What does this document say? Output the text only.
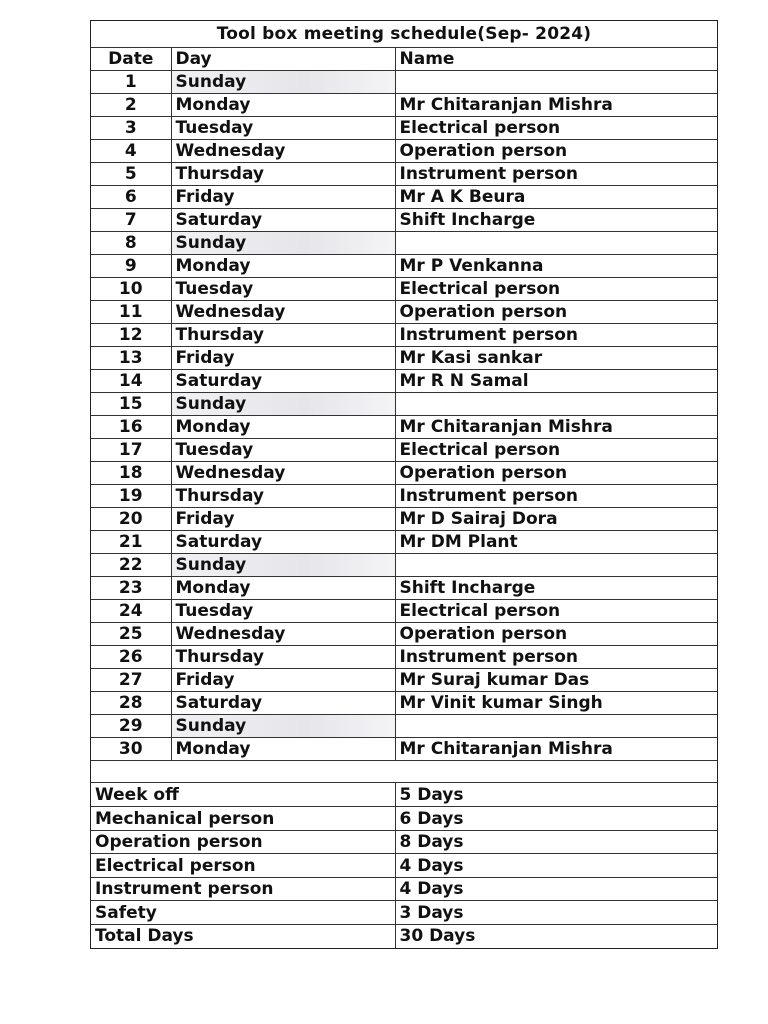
Tool box meeting schedule(Sep- 2024)
Date	Day	Name
1	Sunday	
2	Monday	Mr Chitaranjan Mishra
3	Tuesday	Electrical person
4	Wednesday	Operation person
5	Thursday	Instrument person
6	Friday	Mr A K Beura
7	Saturday	Shift Incharge
8	Sunday	
9	Monday	Mr P Venkanna
10	Tuesday	Electrical person
11	Wednesday	Operation person
12	Thursday	Instrument person
13	Friday	Mr Kasi sankar
14	Saturday	Mr R N Samal
15	Sunday	
16	Monday	Mr Chitaranjan Mishra
17	Tuesday	Electrical person
18	Wednesday	Operation person
19	Thursday	Instrument person
20	Friday	Mr D Sairaj Dora
21	Saturday	Mr DM Plant
22	Sunday	
23	Monday	Shift Incharge
24	Tuesday	Electrical person
25	Wednesday	Operation person
26	Thursday	Instrument person
27	Friday	Mr Suraj kumar Das
28	Saturday	Mr Vinit kumar Singh
29	Sunday	
30	Monday	Mr Chitaranjan Mishra

Week off	5 Days
Mechanical person	6 Days
Operation person	8 Days
Electrical person	4 Days
Instrument person	4 Days
Safety	3 Days
Total Days	30 Days
